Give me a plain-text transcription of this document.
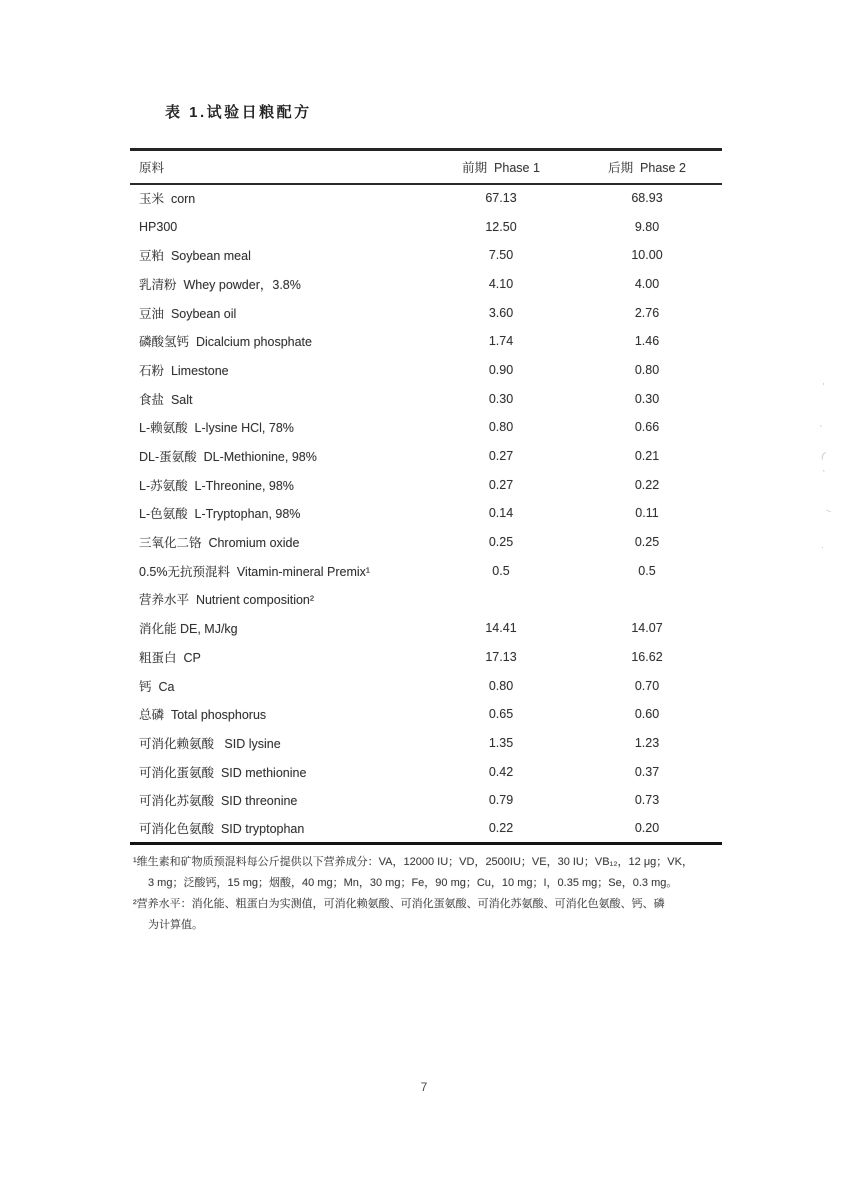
表 1.试验日粮配方
原料	前期  Phase 1	后期  Phase 2
玉米  corn	67.13	68.93
HP300	12.50	9.80
豆粕  Soybean meal	7.50	10.00
乳清粉  Whey powder，3.8%	4.10	4.00
豆油  Soybean oil	3.60	2.76
磷酸氢钙  Dicalcium phosphate	1.74	1.46
石粉  Limestone	0.90	0.80
食盐  Salt	0.30	0.30
L-赖氨酸  L-lysine HCl, 78%	0.80	0.66
DL-蛋氨酸  DL-Methionine, 98%	0.27	0.21
L-苏氨酸  L-Threonine, 98%	0.27	0.22
L-色氨酸  L-Tryptophan, 98%	0.14	0.11
三氧化二铬  Chromium oxide	0.25	0.25
0.5%无抗预混料  Vitamin-mineral Premix¹	0.5	0.5
营养水平  Nutrient composition²		
消化能 DE, MJ/kg	14.41	14.07
粗蛋白  CP	17.13	16.62
钙  Ca	0.80	0.70
总磷  Total phosphorus	0.65	0.60
可消化赖氨酸   SID lysine	1.35	1.23
可消化蛋氨酸  SID methionine	0.42	0.37
可消化苏氨酸  SID threonine	0.79	0.73
可消化色氨酸  SID tryptophan	0.22	0.20
¹维生素和矿物质预混料每公斤提供以下营养成分：VA，12000 IU；VD，2500IU；VE，30 IU；VB₁₂，12 μg；VK，
3 mg；泛酸钙，15 mg；烟酸，40 mg；Mn，30 mg；Fe，90 mg；Cu，10 mg；I，0.35 mg；Se，0.3 mg。
²营养水平：消化能、粗蛋白为实测值，可消化赖氨酸、可消化蛋氨酸、可消化苏氨酸、可消化色氨酸、钙、磷
为计算值。
7
'
,
(
'
~
.
